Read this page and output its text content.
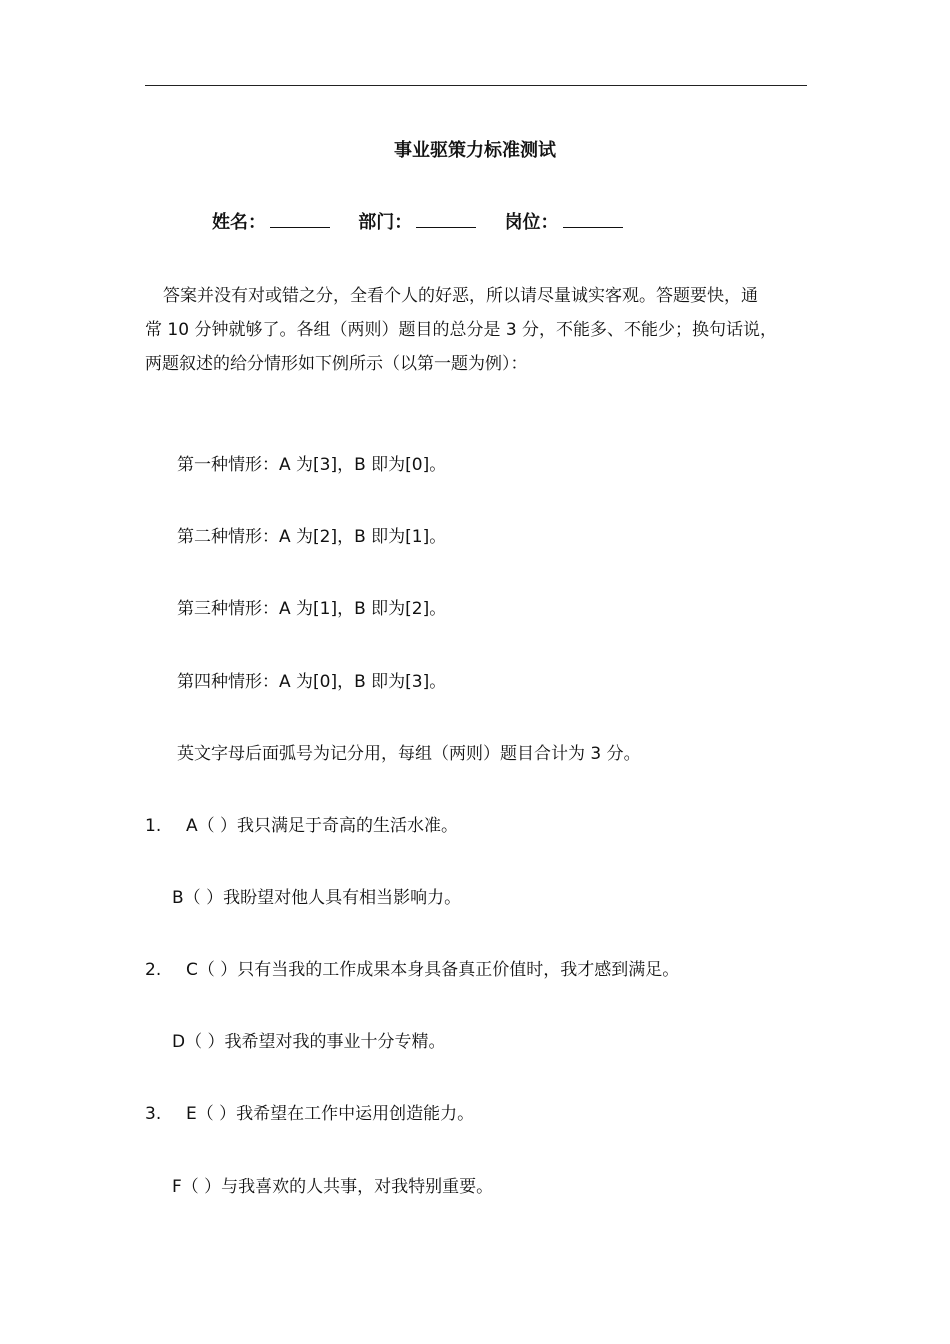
事业驱策力标准测试
姓名：	部门：	岗位：

答案并没有对或错之分，全看个人的好恶，所以请尽量诚实客观。答题要快，通

常 10 分钟就够了。各组（两则）题目的总分是 3 分，不能多、不能少；换句话说，

两题叙述的给分情形如下例所示（以第一题为例）：

第一种情形：A 为[3]，B 即为[0]。
第二种情形：A 为[2]，B 即为[1]。
第三种情形：A 为[1]，B 即为[2]。
第四种情形：A 为[0]，B 即为[3]。
英文字母后面弧号为记分用，每组（两则）题目合计为 3 分。
1. A（ ）我只满足于奇高的生活水准。
B（ ）我盼望对他人具有相当影响力。
2. C（ ）只有当我的工作成果本身具备真正价值时，我才感到满足。
D（ ）我希望对我的事业十分专精。
3. E（ ）我希望在工作中运用创造能力。
F（ ）与我喜欢的人共事，对我特别重要。
